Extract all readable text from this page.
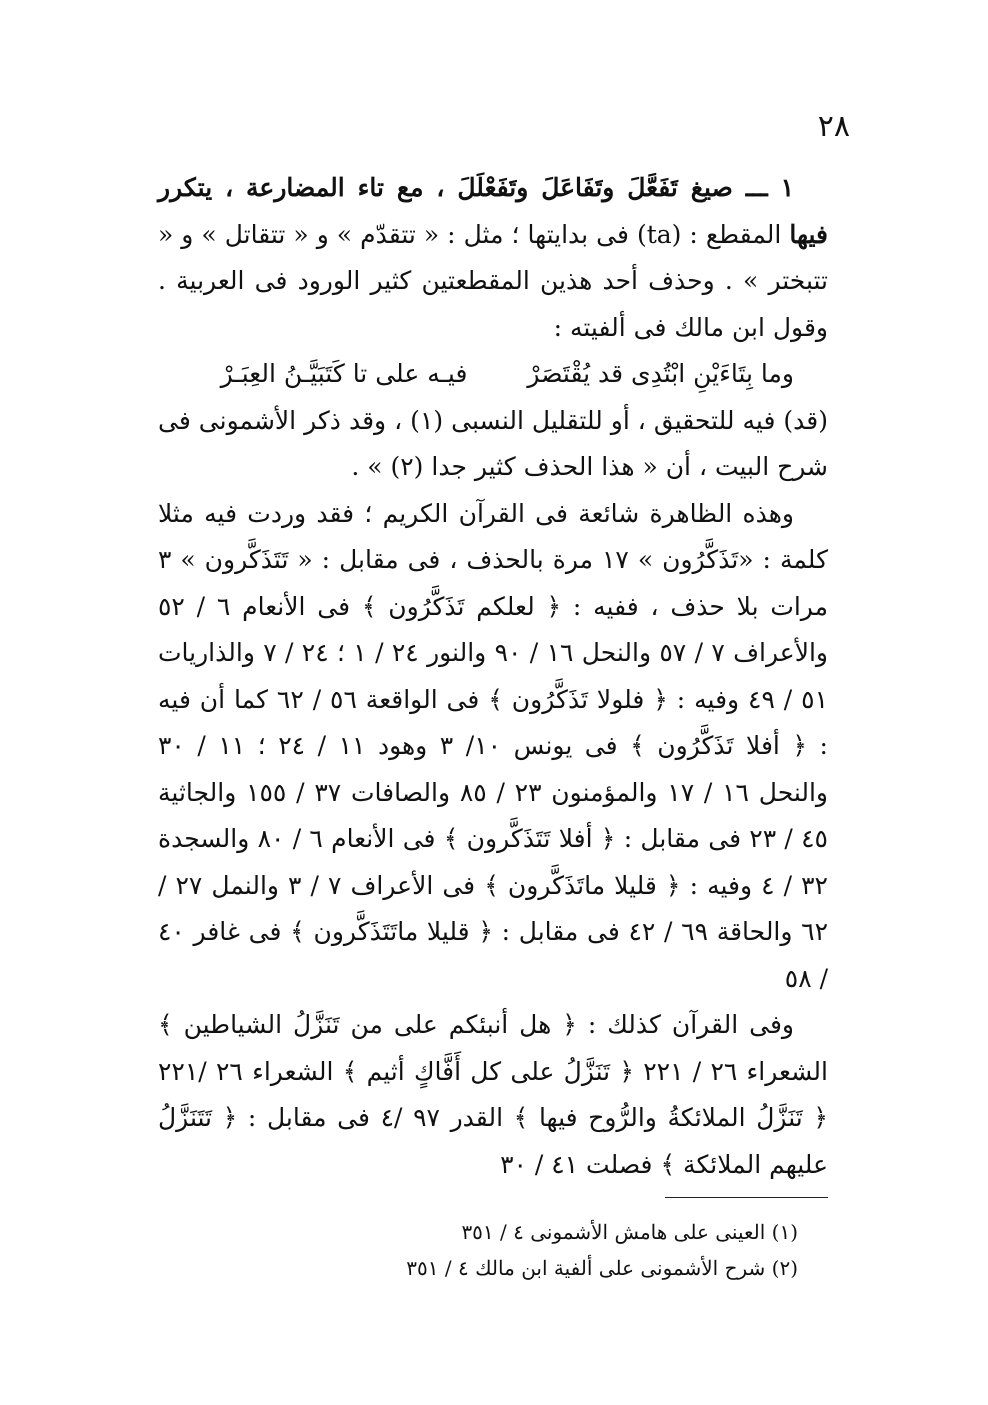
٢٨

١ ـــ صيغ تَفَعَّلَ وتَفَاعَلَ وتَفَعْلَلَ ، مع تاء المضارعة ، يتكرر فيها المقطع : (ta) فى بدايتها ؛ مثل : « تتقدّم » و « تتقاتل » و « تتبختر » . وحذف أحد هذين المقطعتين كثير الورود فى العربية . وقول ابن مالك فى ألفيته :

وما بِتَاءَيْنِ ابْتُدِى قد يُقْتَصَرْفيـه على تا كَتَبَيَّـنُ العِبَـرْ

(قد) فيه للتحقيق ، أو للتقليل النسبى (١) ، وقد ذكر الأشمونى فى شرح البيت ، أن « هذا الحذف كثير جدا (٢) » .

وهذه الظاهرة شائعة فى القرآن الكريم ؛ فقد وردت فيه مثلا كلمة : «تَذَكَّرُون » ١٧ مرة بالحذف ، فى مقابل : « تَتَذَكَّرون » ٣ مرات بلا حذف ، ففيه : ﴿ لعلكم تَذَكَّرُون ﴾ فى الأنعام ٦ / ٥٢ والأعراف ٧ / ٥٧ والنحل ١٦ / ٩٠ والنور ٢٤ / ١ ؛ ٢٤ / ٧ والذاريات ٥١ / ٤٩ وفيه : ﴿ فلولا تَذَكَّرُون ﴾ فى الواقعة ٥٦ / ٦٢ كما أن فيه : ﴿ أفلا تَذَكَّرُون ﴾ فى يونس ١٠/ ٣ وهود ١١ / ٢٤ ؛ ١١ / ٣٠ والنحل ١٦ / ١٧ والمؤمنون ٢٣ / ٨٥ والصافات ٣٧ / ١٥٥ والجاثية ٤٥ / ٢٣ فى مقابل : ﴿ أفلا تَتَذَكَّرون ﴾ فى الأنعام ٦ / ٨٠ والسجدة ٣٢ / ٤ وفيه : ﴿ قليلا ماتَذَكَّرون ﴾ فى الأعراف ٧ / ٣ والنمل ٢٧ / ٦٢ والحاقة ٦٩ / ٤٢ فى مقابل : ﴿ قليلا ماتَتَذَكَّرون ﴾ فى غافر ٤٠ / ٥٨

وفى القرآن كذلك : ﴿ هل أنبئكم على من تَنَزَّلُ الشياطين ﴾ الشعراء ٢٦ / ٢٢١ ﴿ تَنَزَّلُ على كل أَفَّاكٍ أثيم ﴾ الشعراء ٢٦ /٢٢١ ﴿ تَنَزَّلُ الملائكةُ والرُّوح فيها ﴾ القدر ٩٧ /٤ فى مقابل : ﴿ تَتَنَزَّلُ عليهم الملائكة ﴾ فصلت ٤١ / ٣٠

(١) العينى على هامش الأشمونى ٤ / ٣٥١

(٢) شرح الأشمونى على ألفية ابن مالك ٤ / ٣٥١
